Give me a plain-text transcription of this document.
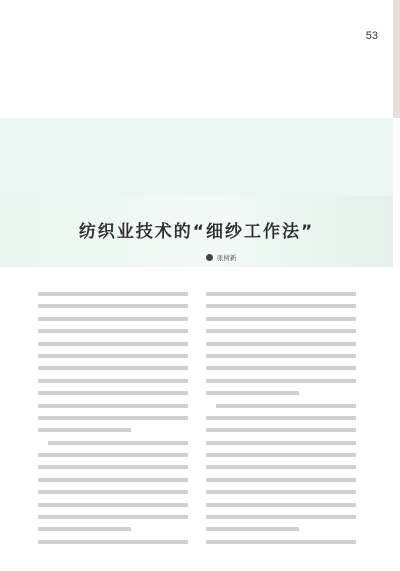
53
纺织业技术的“细纱工作法”
张树新
